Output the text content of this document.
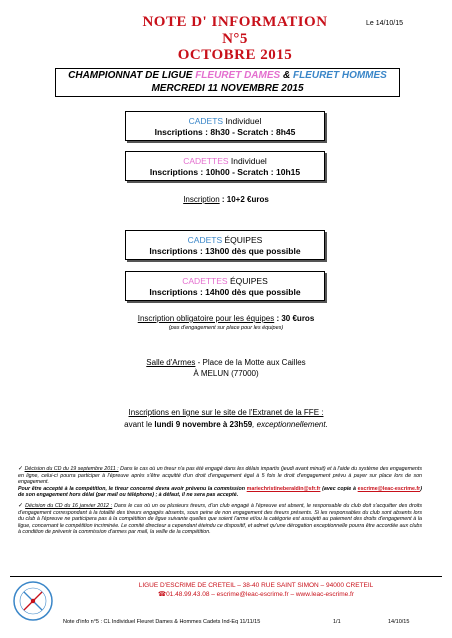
NOTE D' INFORMATION
N°5
OCTOBRE 2015
Le 14/10/15
CHAMPIONNAT DE LIGUE FLEURET DAMES & FLEURET HOMMES
MERCREDI 11 NOVEMBRE 2015
CADETS Individuel
Inscriptions : 8h30 - Scratch : 8h45
CADETTES Individuel
Inscriptions : 10h00 - Scratch : 10h15
Inscription : 10+2 €uros
CADETS ÉQUIPES
Inscriptions : 13h00 dès que possible
CADETTES ÉQUIPES
Inscriptions : 14h00 dès que possible
Inscription obligatoire pour les équipes : 30 €uros
(pas d'engagement sur place pour les équipes)
Salle d'Armes - Place de la Motte aux Cailles
À MELUN (77000)
Inscriptions en ligne sur le site de l'Extranet de la FFE :
avant le lundi 9 novembre à 23h59, exceptionnellement.

✓ Décision du CD du 19 septembre 2011 : Dans le cas où un tireur n'a pas été engagé dans les délais impartis (jeudi avant minuit) et à l'aide du système des engagements en ligne, celui-ci pourra participer à l'épreuve après s'être acquitté d'un droit d'engagement égal à 5 fois le droit d'engagement prévu à payer sur place lors de son engagement.
Pour être accepté à la compétition, le tireur concerné devra avoir prévenu la commission mariechristineberaldin@sfr.fr (avec copie à escrime@leac-escrime.fr) de son engagement hors délai (par mail ou téléphone) ; à défaut, il ne sera pas accepté.

✓ Décision du CD du 16 janvier 2012 : Dans le cas où un ou plusieurs tireurs, d'un club engagé à l'épreuve est absent, le responsable du club doit s'acquitter des droits d'engagement correspondant à la totalité des tireurs engagés absents, sous peine de non engagement des tireurs présents. Si les responsables du club sont absents lors du club à l'épreuve ne participera pas à la compétition de ligue suivante quelles que soient l'arme et/ou la catégorie est assujetti au paiement des droits d'engagement à la ligue, concernant le compétition incriminée. Le comité directeur a cependant éteindu ce dispositif, et admet qu'une dérogation exceptionnelle pourra être accordée aux clubs à condition de prévenir la commission d'armes par mail, la veille de la compétition.

LIGUE D'ESCRIME DE CRETEIL – 38-40 RUE SAINT SIMON – 94000 CRETEIL
☎01.48.99.43.08 – escrime@leac-escrime.fr – www.leac-escrime.fr
Note d'info n°5 : CL Individuel Fleuret Dames & Hommes Cadets Ind-Eq 11/11/15	1/1	14/10/15
